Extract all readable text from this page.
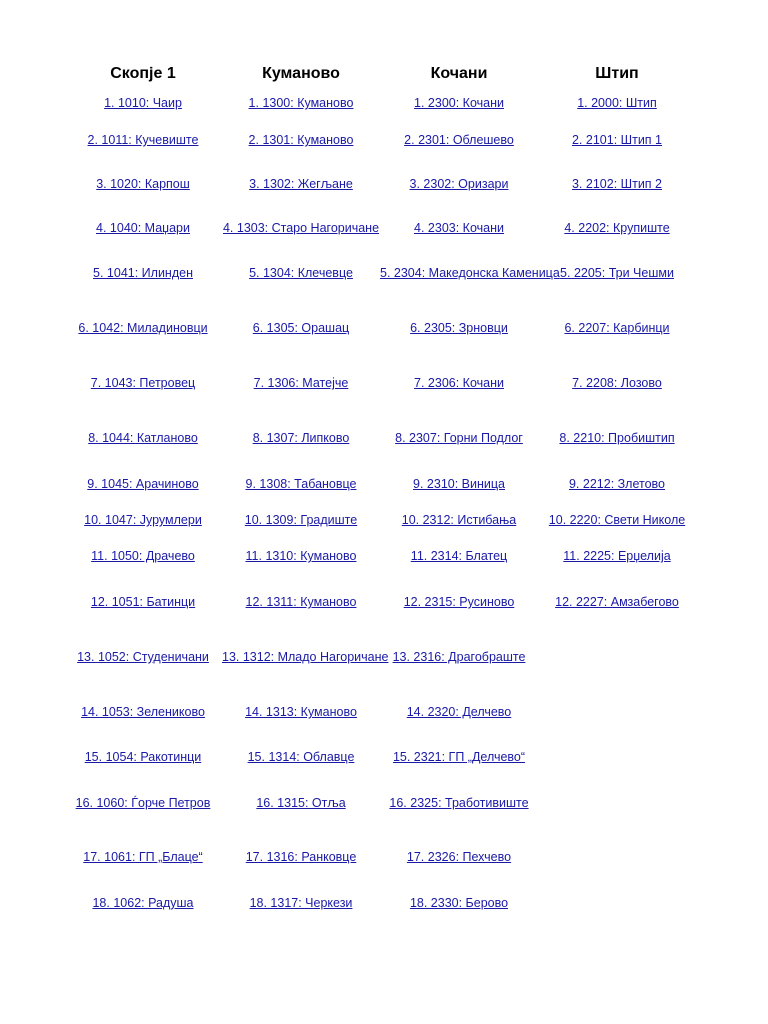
Скопје 1
1. 1010: Чаир
2. 1011: Кучевиште
3. 1020: Карпош
4. 1040: Маџари
5. 1041: Илинден
6. 1042: Миладиновци
7. 1043: Петровец
8. 1044: Катланово
9. 1045: Арачиново
10. 1047: Јурумлери
11. 1050: Драчево
12. 1051: Батинци
13. 1052: Студеничани
14. 1053: Зелениково
15. 1054: Ракотинци
16. 1060: Ѓорче Петров
17. 1061: ГП „Блаце“
18. 1062: Радуша
Куманово
1. 1300: Куманово
2. 1301: Куманово
3. 1302: Жегљане
4. 1303: Старо Нагоричане
5. 1304: Клечевце
6. 1305: Орашац
7. 1306: Матејче
8. 1307: Липково
9. 1308: Табановце
10. 1309: Градиште
11. 1310: Куманово
12. 1311: Куманово
13. 1312: Младо Нагоричане
14. 1313: Куманово
15. 1314: Облавце
16. 1315: Отља
17. 1316: Ранковце
18. 1317: Черкези
Кочани
1. 2300: Кочани
2. 2301: Облешево
3. 2302: Оризари
4. 2303: Кочани
5. 2304: Македонска Каменица
6. 2305: Зрновци
7. 2306: Кочани
8. 2307: Горни Подлог
9. 2310: Виница
10. 2312: Истибања
11. 2314: Блатец
12. 2315: Русиново
13. 2316: Драгобраште
14. 2320: Делчево
15. 2321: ГП „Делчево“
16. 2325: Трaботивиште
17. 2326: Пехчево
18. 2330: Берово
Штип
1. 2000: Штип
2. 2101: Штип 1
3. 2102: Штип 2
4. 2202: Крупиште
5. 2205: Три Чешми
6. 2207: Карбинци
7. 2208: Лозово
8. 2210: Пробиштип
9. 2212: Злетово
10. 2220: Свети Николе
11. 2225: Ерџелија
12. 2227: Амзабегово
